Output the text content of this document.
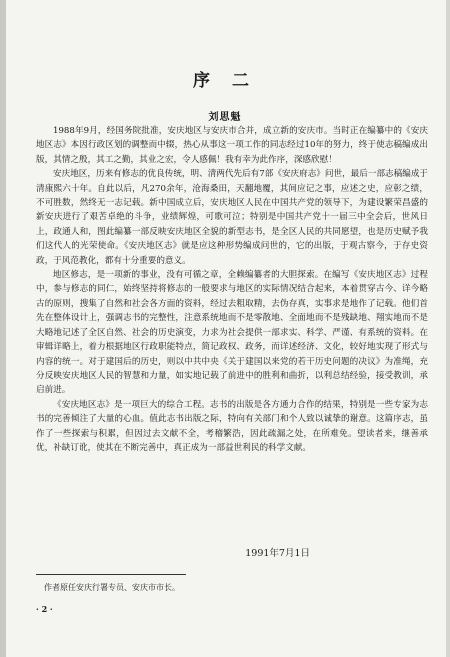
序 二
刘思魁

1988年9月，经国务院批准，安庆地区与安庆市合并，成立新的安庆市。当时正在编纂中的《安庆地区志》本因行政区划的调整而中辍，热心从事这一项工作的同志经过10年的努力，终于使志稿编成出版，其情之殷，其工之勤，其业之宏，令人感佩！我有幸为此作序，深感欣慰！

安庆地区，历来有修志的优良传统，明、清两代先后有7部《安庆府志》问世，最后一部志稿编成于清康熙六十年。自此以后，凡270余年，沧海桑田，天翻地覆，其间应记之事，应述之史，应彰之绩，不可胜数，然终无一志记载。新中国成立后，安庆地区人民在中国共产党的领导下，为建设繁荣昌盛的新安庆进行了艰苦卓绝的斗争，业绩辉煌，可歌可泣；特别是中国共产党十一届三中全会后，世风日上，政通人和，图此编纂一部反映安庆地区全貌的新型志书，是全区人民的共同愿望，也是历史赋予我们这代人的光荣使命。《安庆地区志》就是应这种形势编成问世的，它的出版，于观古察今，于存史资政，于风范教化，都有十分重要的意义。

地区修志，是一项新的事业，没有可循之章，全赖编纂者的大胆探索。在编写《安庆地区志》过程中，参与修志的同仁，始终坚持将修志的一般要求与地区的实际情况结合起来，本着贯穿古今、详今略古的原则，搜集了自然和社会各方面的资料，经过去粗取精，去伪存真，实事求是地作了记载。他们首先在整体设计上，强调志书的完整性，注意系统地而不是零散地、全面地而不是残缺地、翔实地而不是大略地记述了全区自然、社会的历史演变，力求为社会提供一部求实、科学、严谨、有系统的资料。在审辑详略上，着力根据地区行政职能特点，简记政权、政务，而详述经济、文化，较好地实现了形式与内容的统一。对于建国后的历史，则以中共中央《关于建国以来党的若干历史问题的决议》为准绳，充分反映安庆地区人民的智慧和力量，如实地记载了前进中的胜利和曲折，以利总结经验，接受教训，承启前进。

《安庆地区志》是一项巨大的综合工程。志书的出版是各方通力合作的结果，特别是一些专家为志书的完善倾注了大量的心血。值此志书出版之际，特向有关部门和个人致以诚挚的谢意。这篇序志，虽作了一些探索与积累，但因过去文献不全，考稽繁浩，因此疏漏之处，在所难免。望读者来，继善承优，补缺订讹，使其在不断完善中，真正成为一部益世利民的科学文献。

1991年7月1日
作者原任安庆行署专员、安庆市市长。
· 2 ·
